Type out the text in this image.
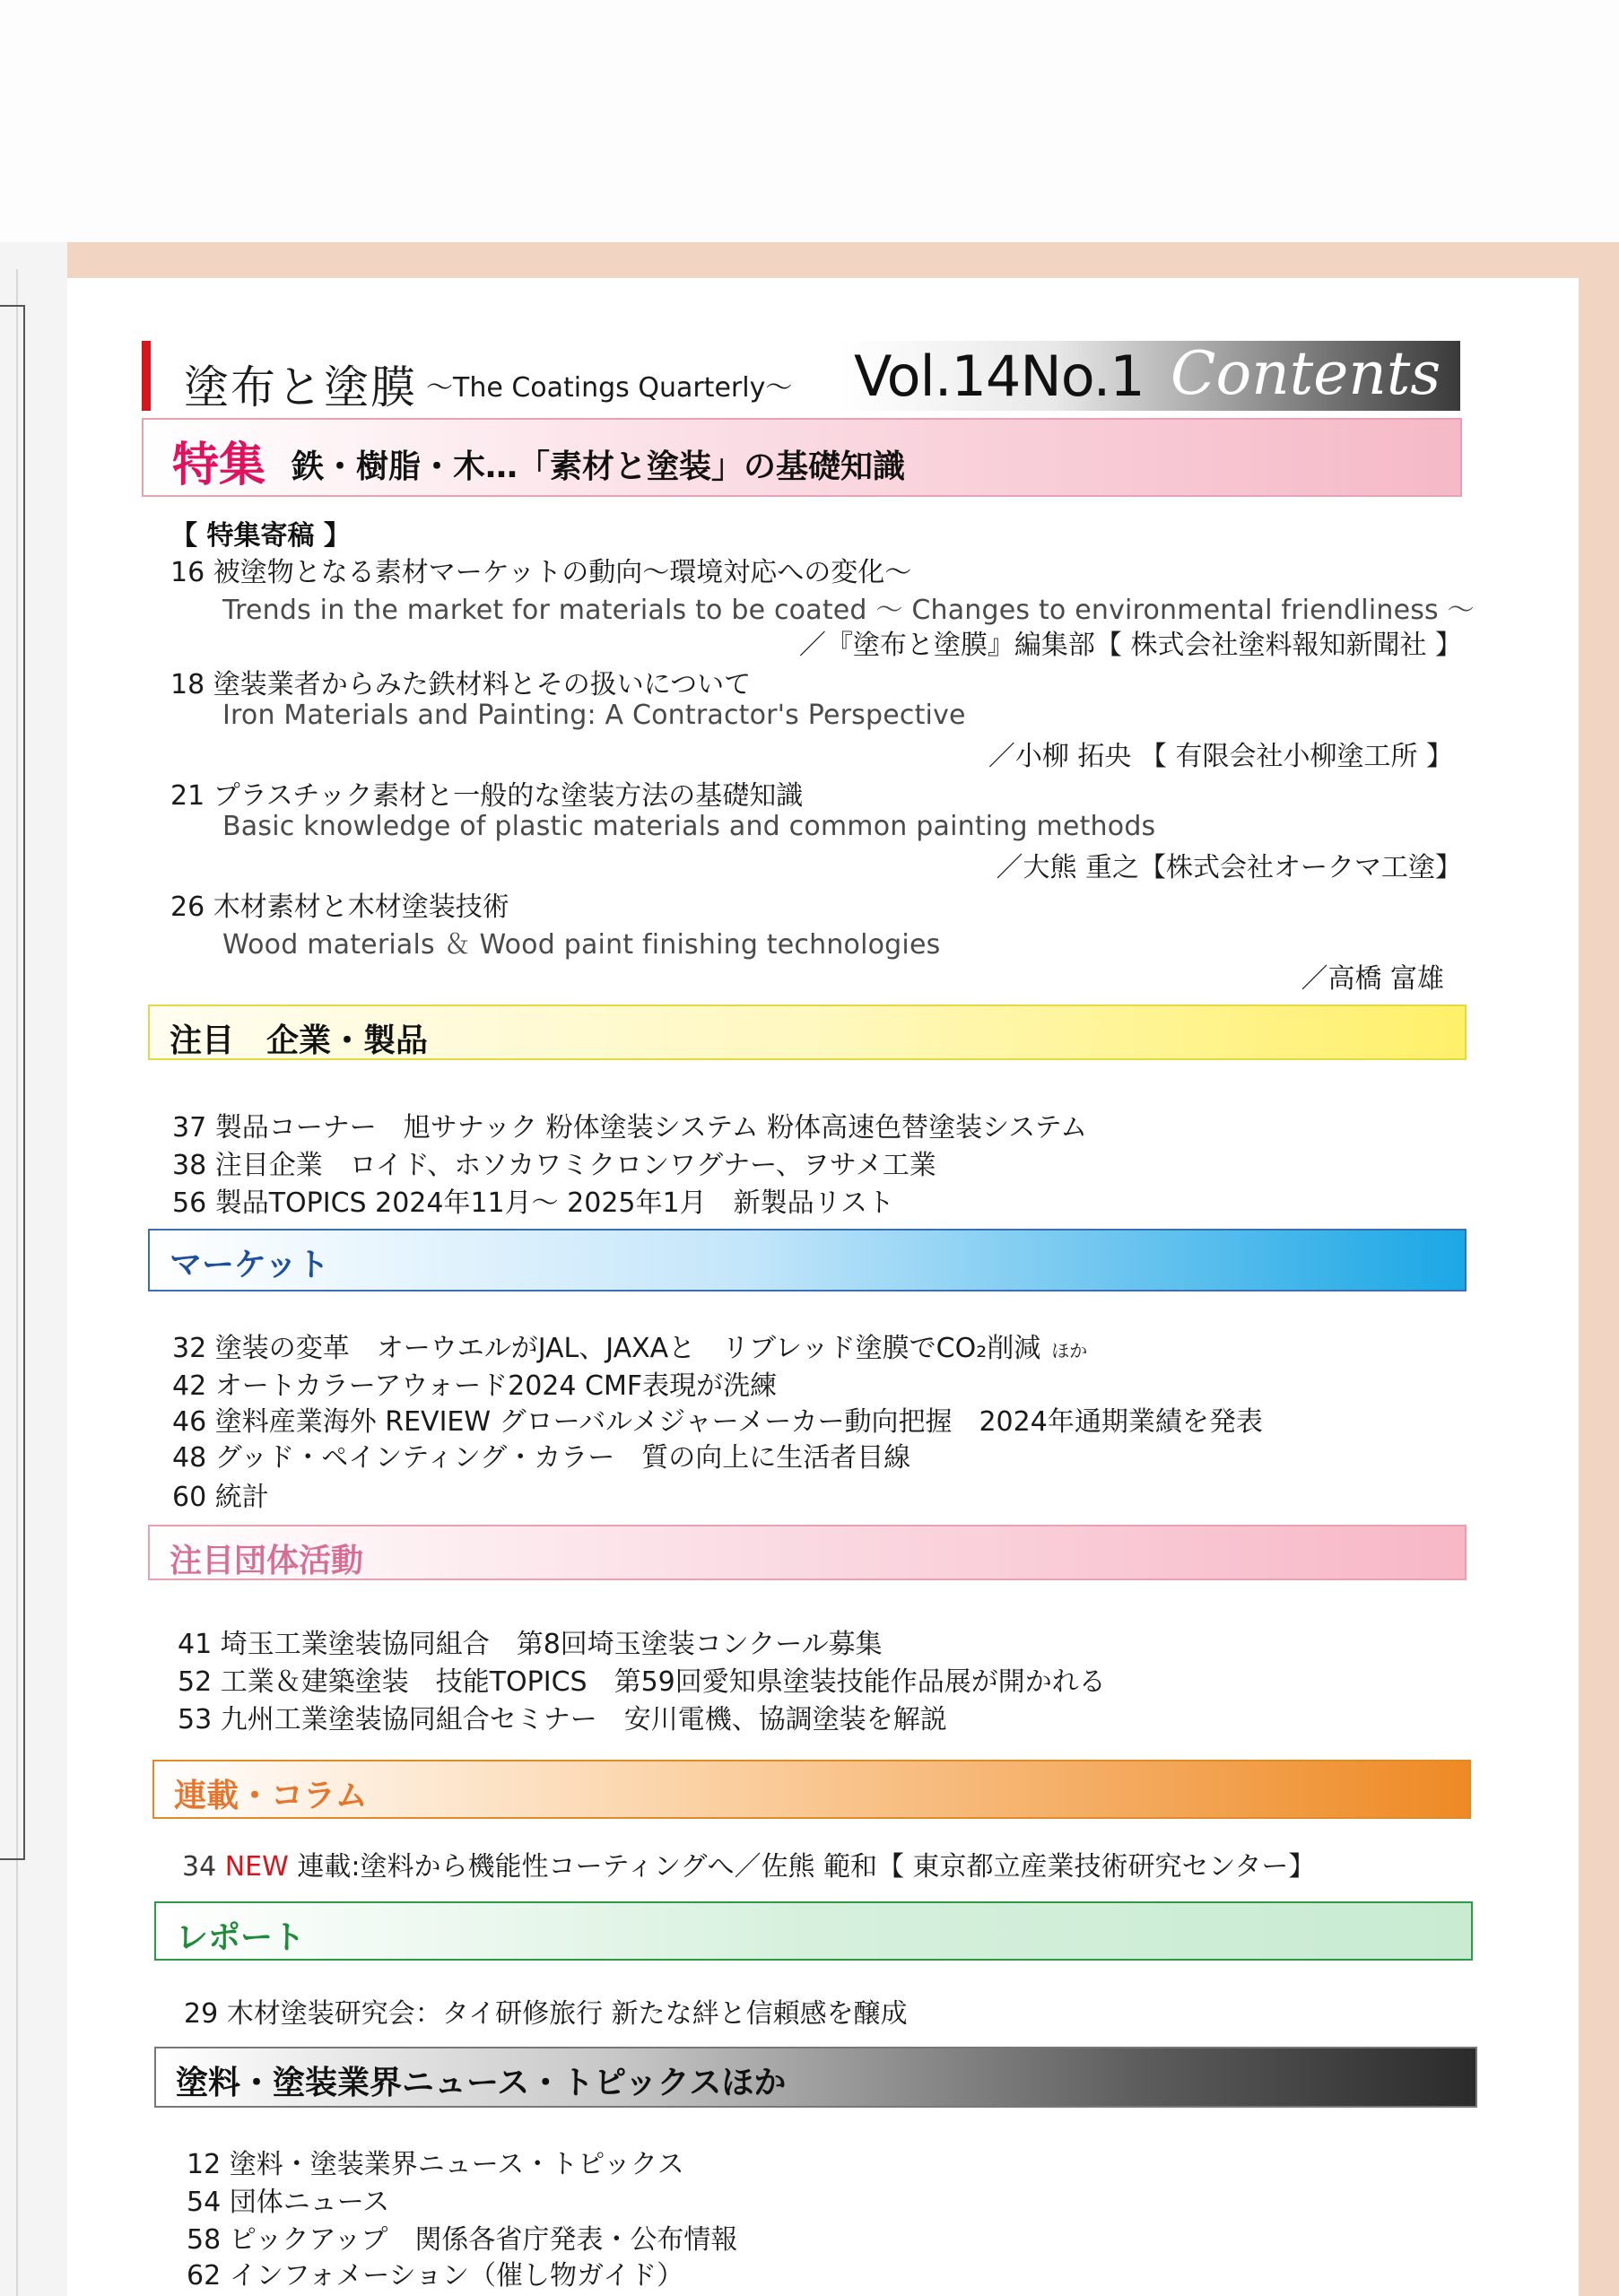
塗布と塗膜 ～The Coatings Quarterly～ Vol.14No.1 Contents
特集 鉄・樹脂・木…「素材と塗装」の基礎知識
【 特集寄稿 】
16 被塗物となる素材マーケットの動向～環境対応への変化～
Trends in the market for materials to be coated ～ Changes to environmental friendliness ～
／『塗布と塗膜』編集部【 株式会社塗料報知新聞社 】
18 塗装業者からみた鉄材料とその扱いについて
Iron Materials and Painting: A Contractor's Perspective
／小柳 拓央 【 有限会社小柳塗工所 】
21 プラスチック素材と一般的な塗装方法の基礎知識
Basic knowledge of plastic materials and common painting methods
／大熊 重之【株式会社オークマ工塗】
26 木材素材と木材塗装技術
Wood materials ＆ Wood paint finishing technologies
／高橋 富雄
注目　企業・製品
37 製品コーナー　旭サナック 粉体塗装システム 粉体高速色替塗装システム
38 注目企業　ロイド、ホソカワミクロンワグナー、ヲサメ工業
56 製品TOPICS 2024年11月～ 2025年1月　新製品リスト
マーケット
32 塗装の変革　オーウエルがJAL、JAXAと　リブレッド塗膜でCO₂削減 ほか
42 オートカラーアウォード2024 CMF表現が洗練
46 塗料産業海外 REVIEW グローバルメジャーメーカー動向把握　2024年通期業績を発表
48 グッド・ペインティング・カラー　質の向上に生活者目線
60 統計
注目団体活動
41 埼玉工業塗装協同組合　第8回埼玉塗装コンクール募集
52 工業＆建築塗装　技能TOPICS　第59回愛知県塗装技能作品展が開かれる
53 九州工業塗装協同組合セミナー　安川電機、協調塗装を解説
連載・コラム
34 NEW 連載:塗料から機能性コーティングへ／佐熊 範和【 東京都立産業技術研究センター】
レポート
29 木材塗装研究会：タイ研修旅行 新たな絆と信頼感を醸成
塗料・塗装業界ニュース・トピックスほか
12 塗料・塗装業界ニュース・トピックス
54 団体ニュース
58 ピックアップ　関係各省庁発表・公布情報
62 インフォメーション（催し物ガイド）
